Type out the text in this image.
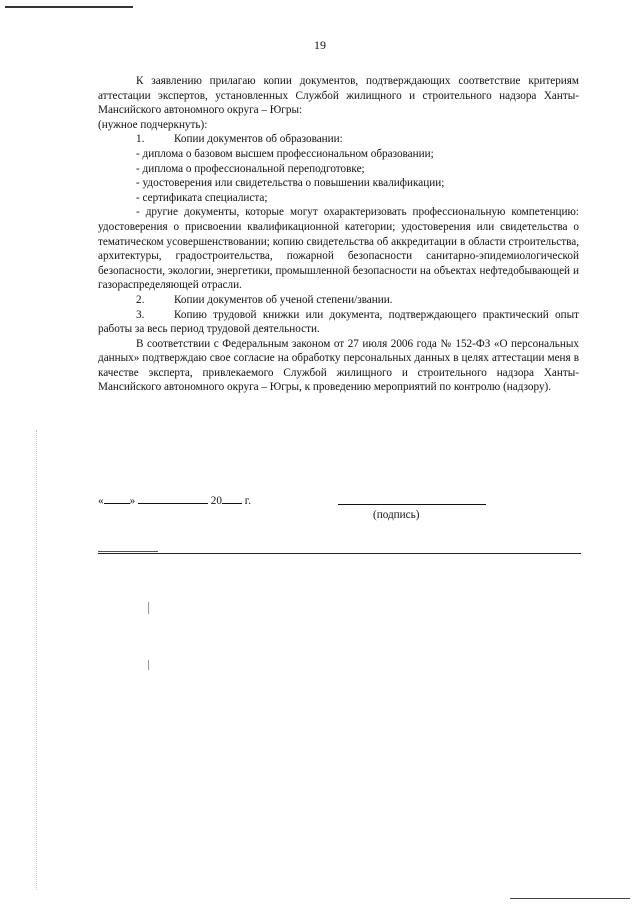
19

К заявлению прилагаю копии документов, подтверждающих соответствие критериям аттестации экспертов, установленных Службой жилищного и строительного надзора Ханты-Мансийского автономного округа – Югры:

(нужное подчеркнуть):

1.	Копии документов об образовании:

- диплома о базовом высшем профессиональном образовании;

- диплома о профессиональной переподготовке;

- удостоверения или свидетельства о повышении квалификации;

- сертификата специалиста;

- другие документы, которые могут охарактеризовать профессиональную компетенцию: удостоверения о присвоении квалификационной категории; удостоверения или свидетельства о тематическом усовершенствовании; копию свидетельства об аккредитации в области строительства, архитектуры, градостроительства, пожарной безопасности санитарно-эпидемиологической безопасности, экологии, энергетики, промышленной безопасности на объектах нефтедобывающей и газораспределяющей отрасли.

2.	Копии документов об ученой степени/звании.

3.	Копию трудовой книжки или документа, подтверждающего практический опыт работы за весь период трудовой деятельности.

В соответствии с Федеральным законом от 27 июля 2006 года № 152-ФЗ «О персональных данных» подтверждаю свое согласие на обработку персональных данных в целях аттестации меня в качестве эксперта, привлекаемого Службой жилищного и строительного надзора Ханты-Мансийского автономного округа – Югры, к проведению мероприятий по контролю (надзору).

« »	20 г.
(подпись)
